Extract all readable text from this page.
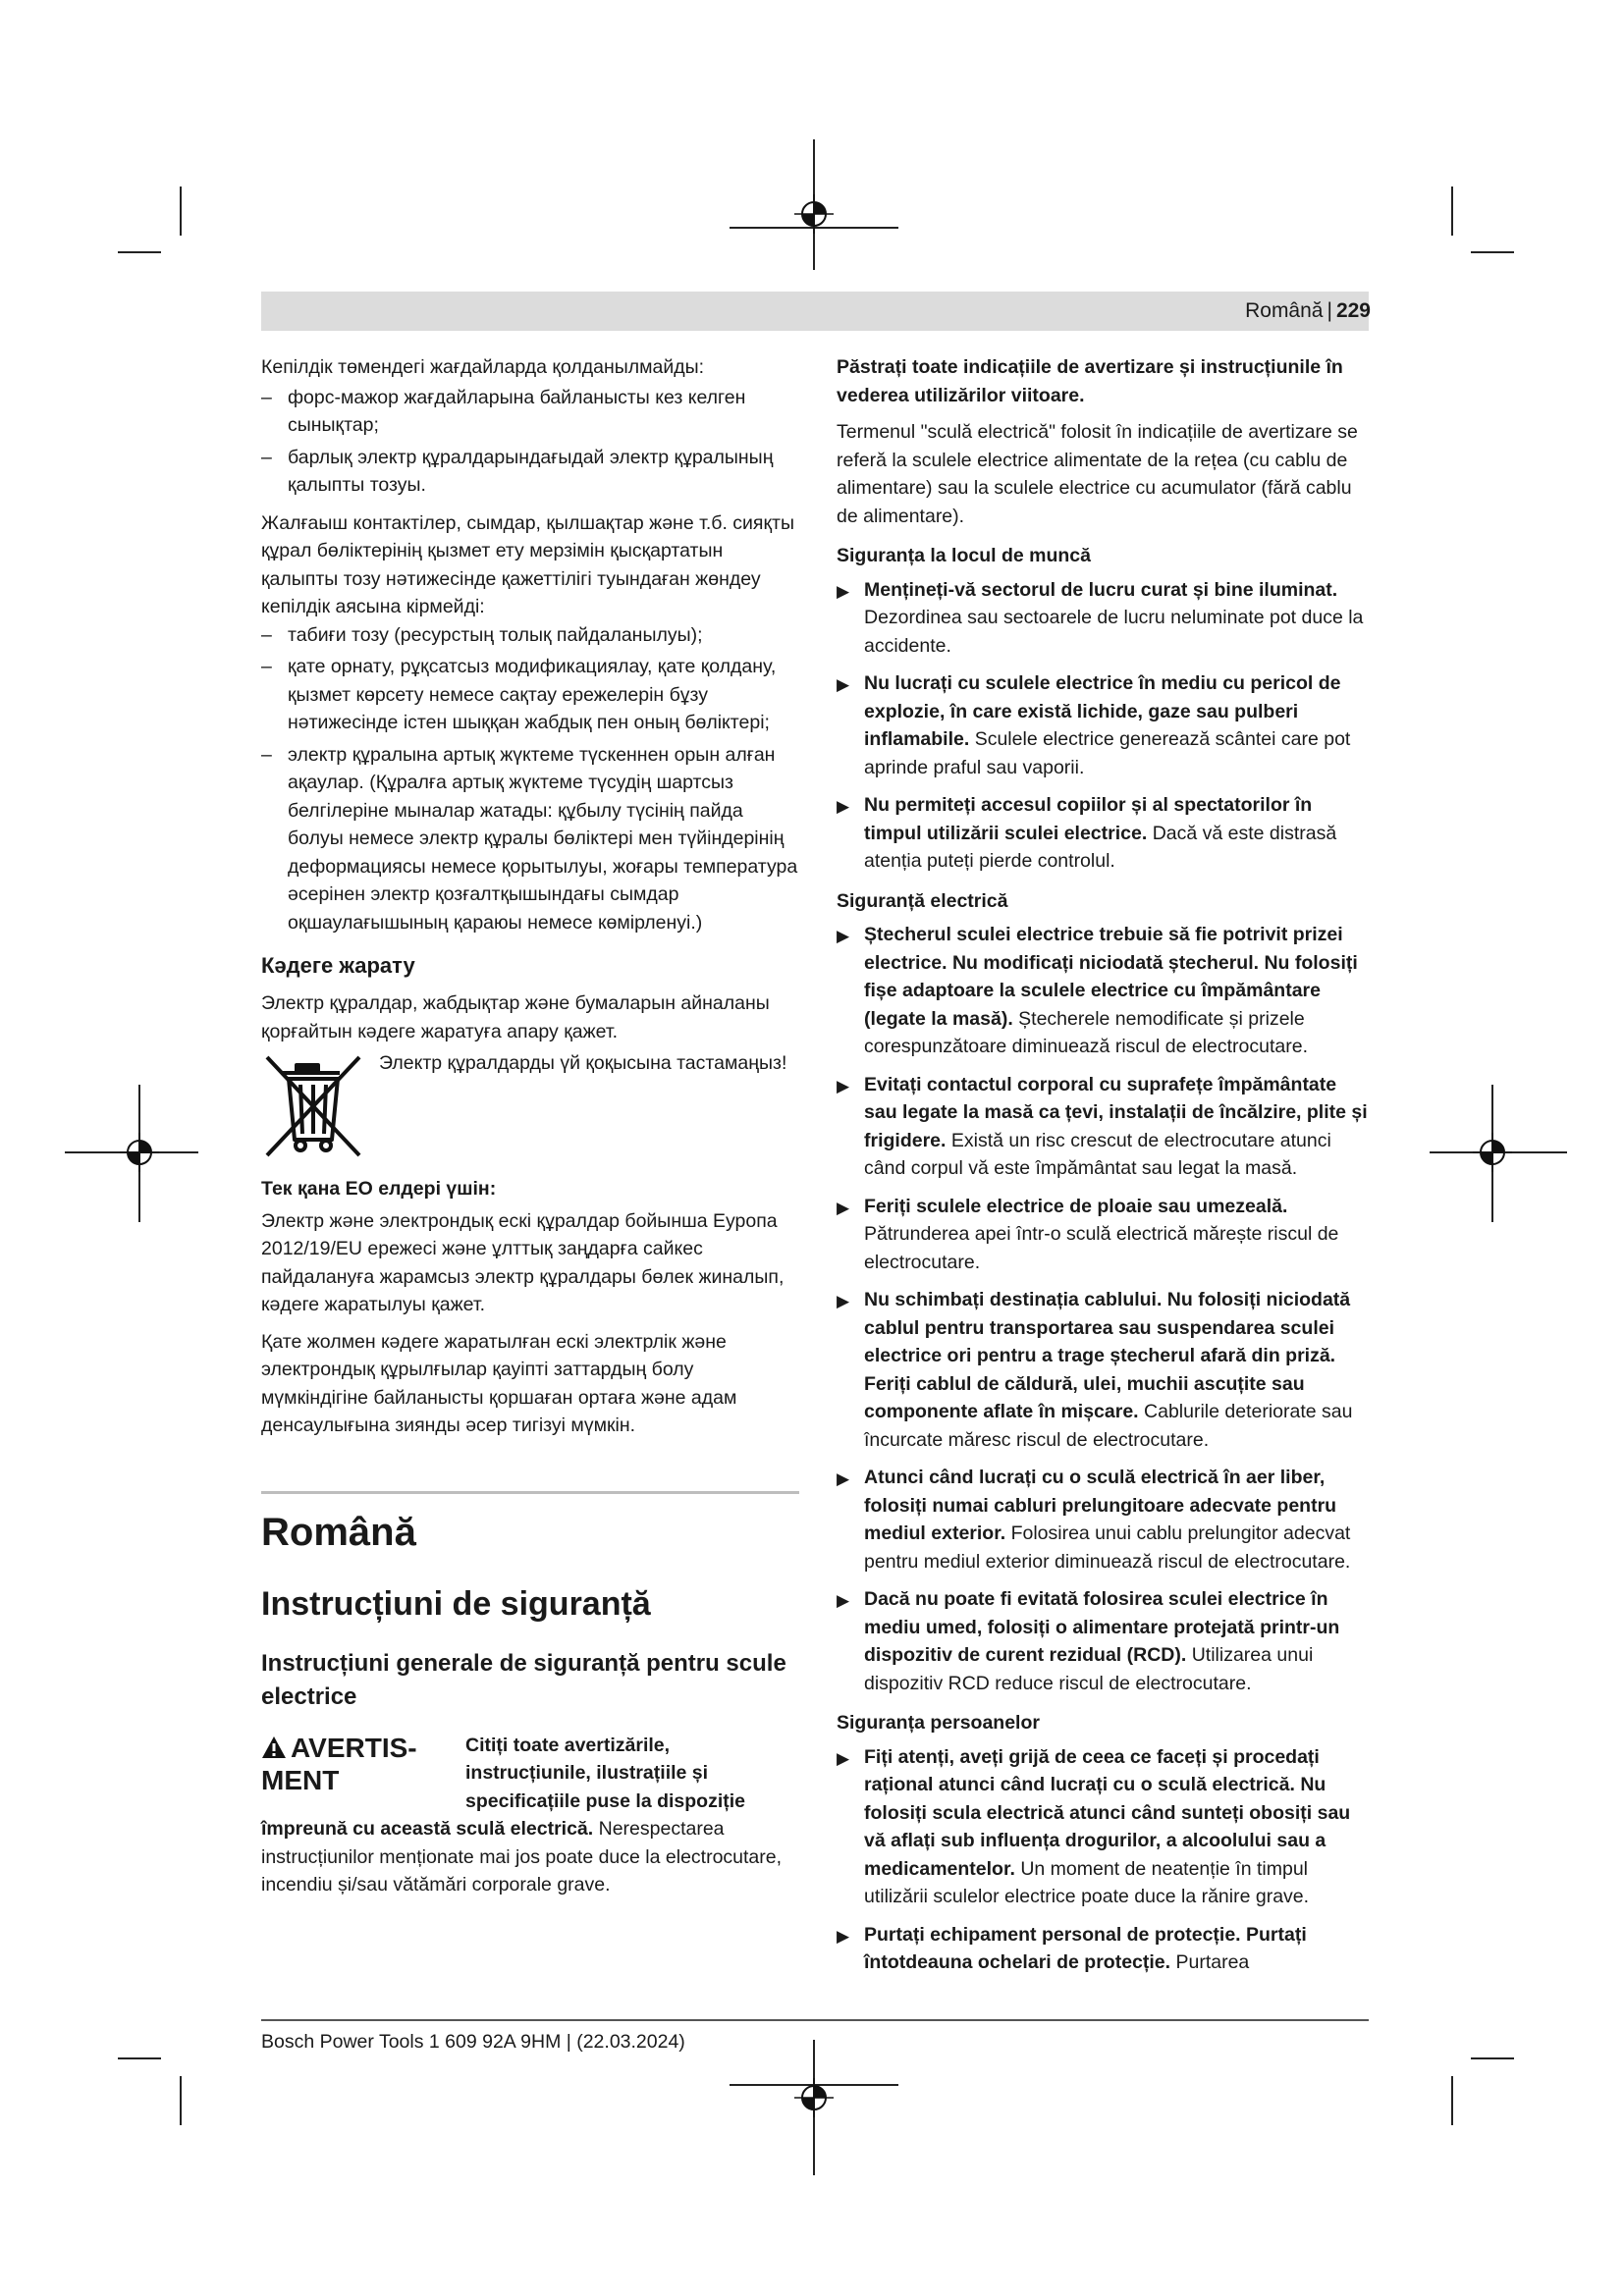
Română | 229

Кепілдік төмендегі жағдайларда қолданылмайды:

– форс-мажор жағдайларына байланысты кез келген сынықтар;
– барлық электр құралдарындағыдай электр құралының қалыпты тозуы.

Жалғаыш контактілер, сымдар, қылшақтар және т.б. сияқты құрал бөліктерінің қызмет ету мерзімін қысқартатын қалыпты тозу нәтижесінде қажеттілігі туындаған жөндеу кепілдік аясына кірмейді:

– табиғи тозу (ресурстың толық пайдаланылуы);
– қате орнату, рұқсатсыз модификациялау, қате қолдану, қызмет көрсету немесе сақтау ережелерін бұзу нәтижесінде істен шыққан жабдық пен оның бөліктері;
– электр құралына артық жүктеме түскеннен орын алған ақаулар. (Құралға артық жүктеме түсудің шартсыз белгілеріне мыналар жатады: құбылу түсінің пайда болуы немесе электр құралы бөліктері мен түйіндерінің деформациясы немесе қорытылуы, жоғары температура әсерінен электр қозғалтқышындағы сымдар оқшаулағышының қараюы немесе көмірленуі.)
Кәдеге жарату

Электр құралдар, жабдықтар және бумаларын айналаны қорғайтын кәдеге жаратуға апару қажет.

Электр құралдарды үй қоқысына тастамаңыз!
Тек қана ЕО елдері үшін:

Электр және электрондық ескі құралдар бойынша Еуропа 2012/19/EU ережесі және ұлттық заңдарға сайкес пайдалануға жарамсыз электр құралдары бөлек жиналып, кәдеге жаратылуы қажет.

Қате жолмен кәдеге жаратылған ескі электрлік және электрондық құрылғылар қауіпті заттардың болу мүмкіндігіне байланысты қоршаған ортаға және адам денсаулығына зиянды әсер тигізуі мүмкін.

Română
Instrucțiuni de siguranță
Instrucțiuni generale de siguranță pentru scule electrice
AVERTIS-MENT
Citiți toate avertizările, instrucțiunile, ilustrațiile și specificațiile puse la dispoziție împreună cu această sculă electrică. Nerespectarea instrucțiunilor menționate mai jos poate duce la electrocutare, incendiu și/sau vătămări corporale grave.

Păstrați toate indicațiile de avertizare și instrucțiunile în vederea utilizărilor viitoare.

Termenul "sculă electrică" folosit în indicațiile de avertizare se referă la sculele electrice alimentate de la rețea (cu cablu de alimentare) sau la sculele electrice cu acumulator (fără cablu de alimentare).

Siguranța la locul de muncă
▶ Mențineți-vă sectorul de lucru curat și bine iluminat. Dezordinea sau sectoarele de lucru neluminate pot duce la accidente.
▶ Nu lucrați cu sculele electrice în mediu cu pericol de explozie, în care există lichide, gaze sau pulberi inflamabile. Sculele electrice generează scântei care pot aprinde praful sau vaporii.
▶ Nu permiteți accesul copiilor și al spectatorilor în timpul utilizării sculei electrice. Dacă vă este distrasă atenția puteți pierde controlul.
Siguranță electrică
▶ Ștecherul sculei electrice trebuie să fie potrivit prizei electrice. Nu modificați niciodată ștecherul. Nu folosiți fișe adaptoare la sculele electrice cu împământare (legate la masă). Ștecherele nemodificate și prizele corespunzătoare diminuează riscul de electrocutare.
▶ Evitați contactul corporal cu suprafețe împământate sau legate la masă ca țevi, instalații de încălzire, plite și frigidere. Există un risc crescut de electrocutare atunci când corpul vă este împământat sau legat la masă.
▶ Feriți sculele electrice de ploaie sau umezeală. Pătrunderea apei într-o sculă electrică mărește riscul de electrocutare.
▶ Nu schimbați destinația cablului. Nu folosiți niciodată cablul pentru transportarea sau suspendarea sculei electrice ori pentru a trage ștecherul afară din priză. Feriți cablul de căldură, ulei, muchii ascuțite sau componente aflate în mișcare. Cablurile deteriorate sau încurcate măresc riscul de electrocutare.
▶ Atunci când lucrați cu o sculă electrică în aer liber, folosiți numai cabluri prelungitoare adecvate pentru mediul exterior. Folosirea unui cablu prelungitor adecvat pentru mediul exterior diminuează riscul de electrocutare.
▶ Dacă nu poate fi evitată folosirea sculei electrice în mediu umed, folosiți o alimentare protejată printr-un dispozitiv de curent rezidual (RCD). Utilizarea unui dispozitiv RCD reduce riscul de electrocutare.
Siguranța persoanelor
▶ Fiți atenți, aveți grijă de ceea ce faceți și procedați rațional atunci când lucrați cu o sculă electrică. Nu folosiți scula electrică atunci când sunteți obosiți sau vă aflați sub influența drogurilor, a alcoolului sau a medicamentelor. Un moment de neatenție în timpul utilizării sculelor electrice poate duce la rănire grave.
▶ Purtați echipament personal de protecție. Purtați întotdeauna ochelari de protecție. Purtarea
Bosch Power Tools 1 609 92A 9HM | (22.03.2024)
